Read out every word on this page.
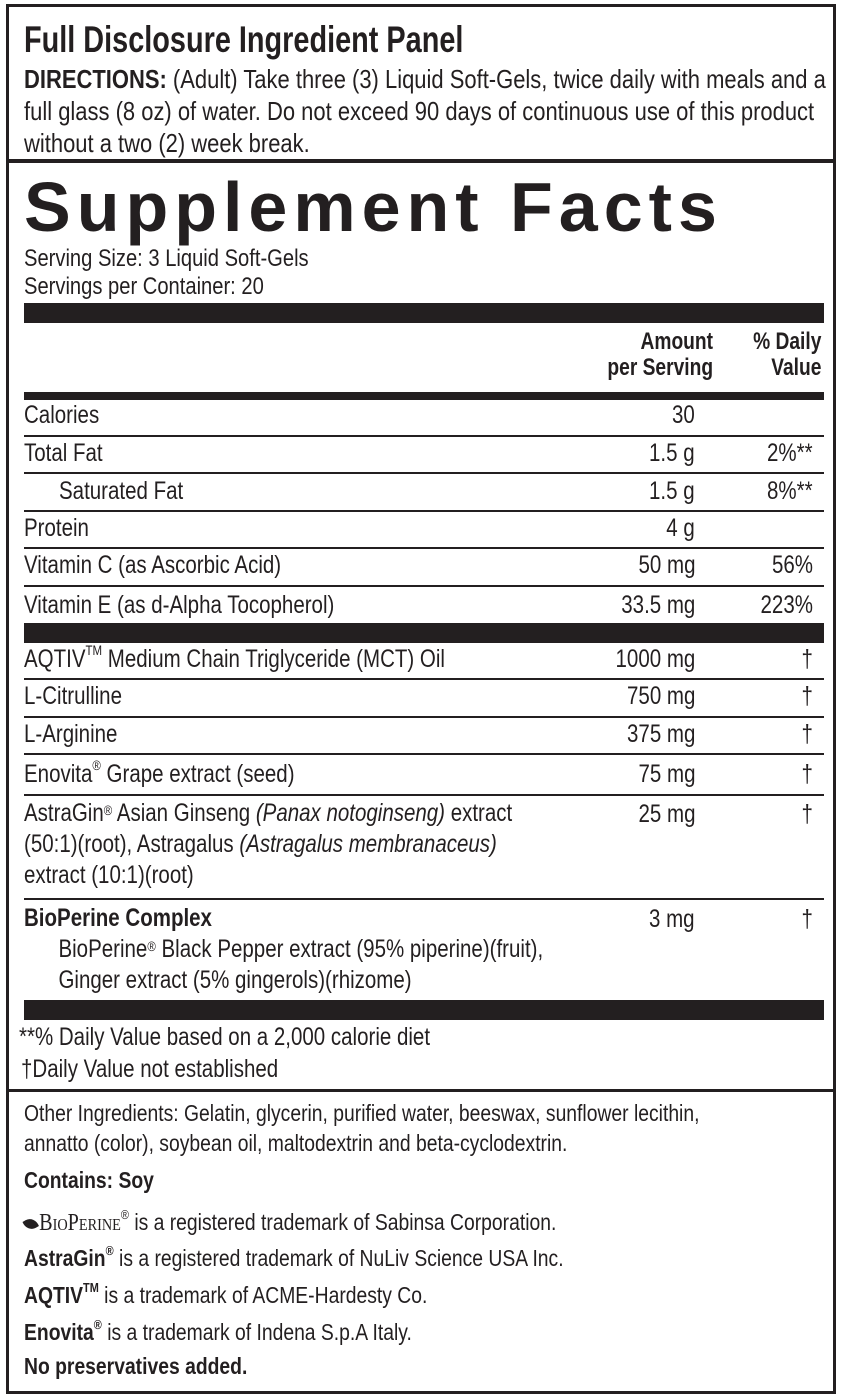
Full Disclosure Ingredient Panel
DIRECTIONS: (Adult) Take three (3) Liquid Soft-Gels, twice daily with meals and a full glass (8 oz) of water. Do not exceed 90 days of continuous use of this product without a two (2) week break.
Supplement Facts
Serving Size: 3 Liquid Soft-Gels
Servings per Container: 20
Amount
per Serving
% Daily
Value
Calories	30
Total Fat	1.5 g	2%**
Saturated Fat	1.5 g	8%**
Protein	4 g
Vitamin C (as Ascorbic Acid)	50 mg	56%
Vitamin E (as d-Alpha Tocopherol)	33.5 mg	223%
AQTIV™ Medium Chain Triglyceride (MCT) Oil	1000 mg	†
L-Citrulline	750 mg	†
L-Arginine	375 mg	†
Enovita® Grape extract (seed)	75 mg	†
AstraGin® Asian Ginseng (Panax notoginseng) extract
(50:1)(root), Astragalus (Astragalus membranaceus)
extract (10:1)(root)
25 mg	†
BioPerine Complex
BioPerine® Black Pepper extract (95% piperine)(fruit),
Ginger extract (5% gingerols)(rhizome)
3 mg	†
**% Daily Value based on a 2,000 calorie diet
†Daily Value not established
Other Ingredients: Gelatin, glycerin, purified water, beeswax, sunflower lecithin,
annatto (color), soybean oil, maltodextrin and beta-cyclodextrin.
Contains: Soy
BioPerine® is a registered trademark of Sabinsa Corporation.
AstraGin® is a registered trademark of NuLiv Science USA Inc.
AQTIV™ is a trademark of ACME-Hardesty Co.
Enovita® is a trademark of Indena S.p.A Italy.
No preservatives added.
